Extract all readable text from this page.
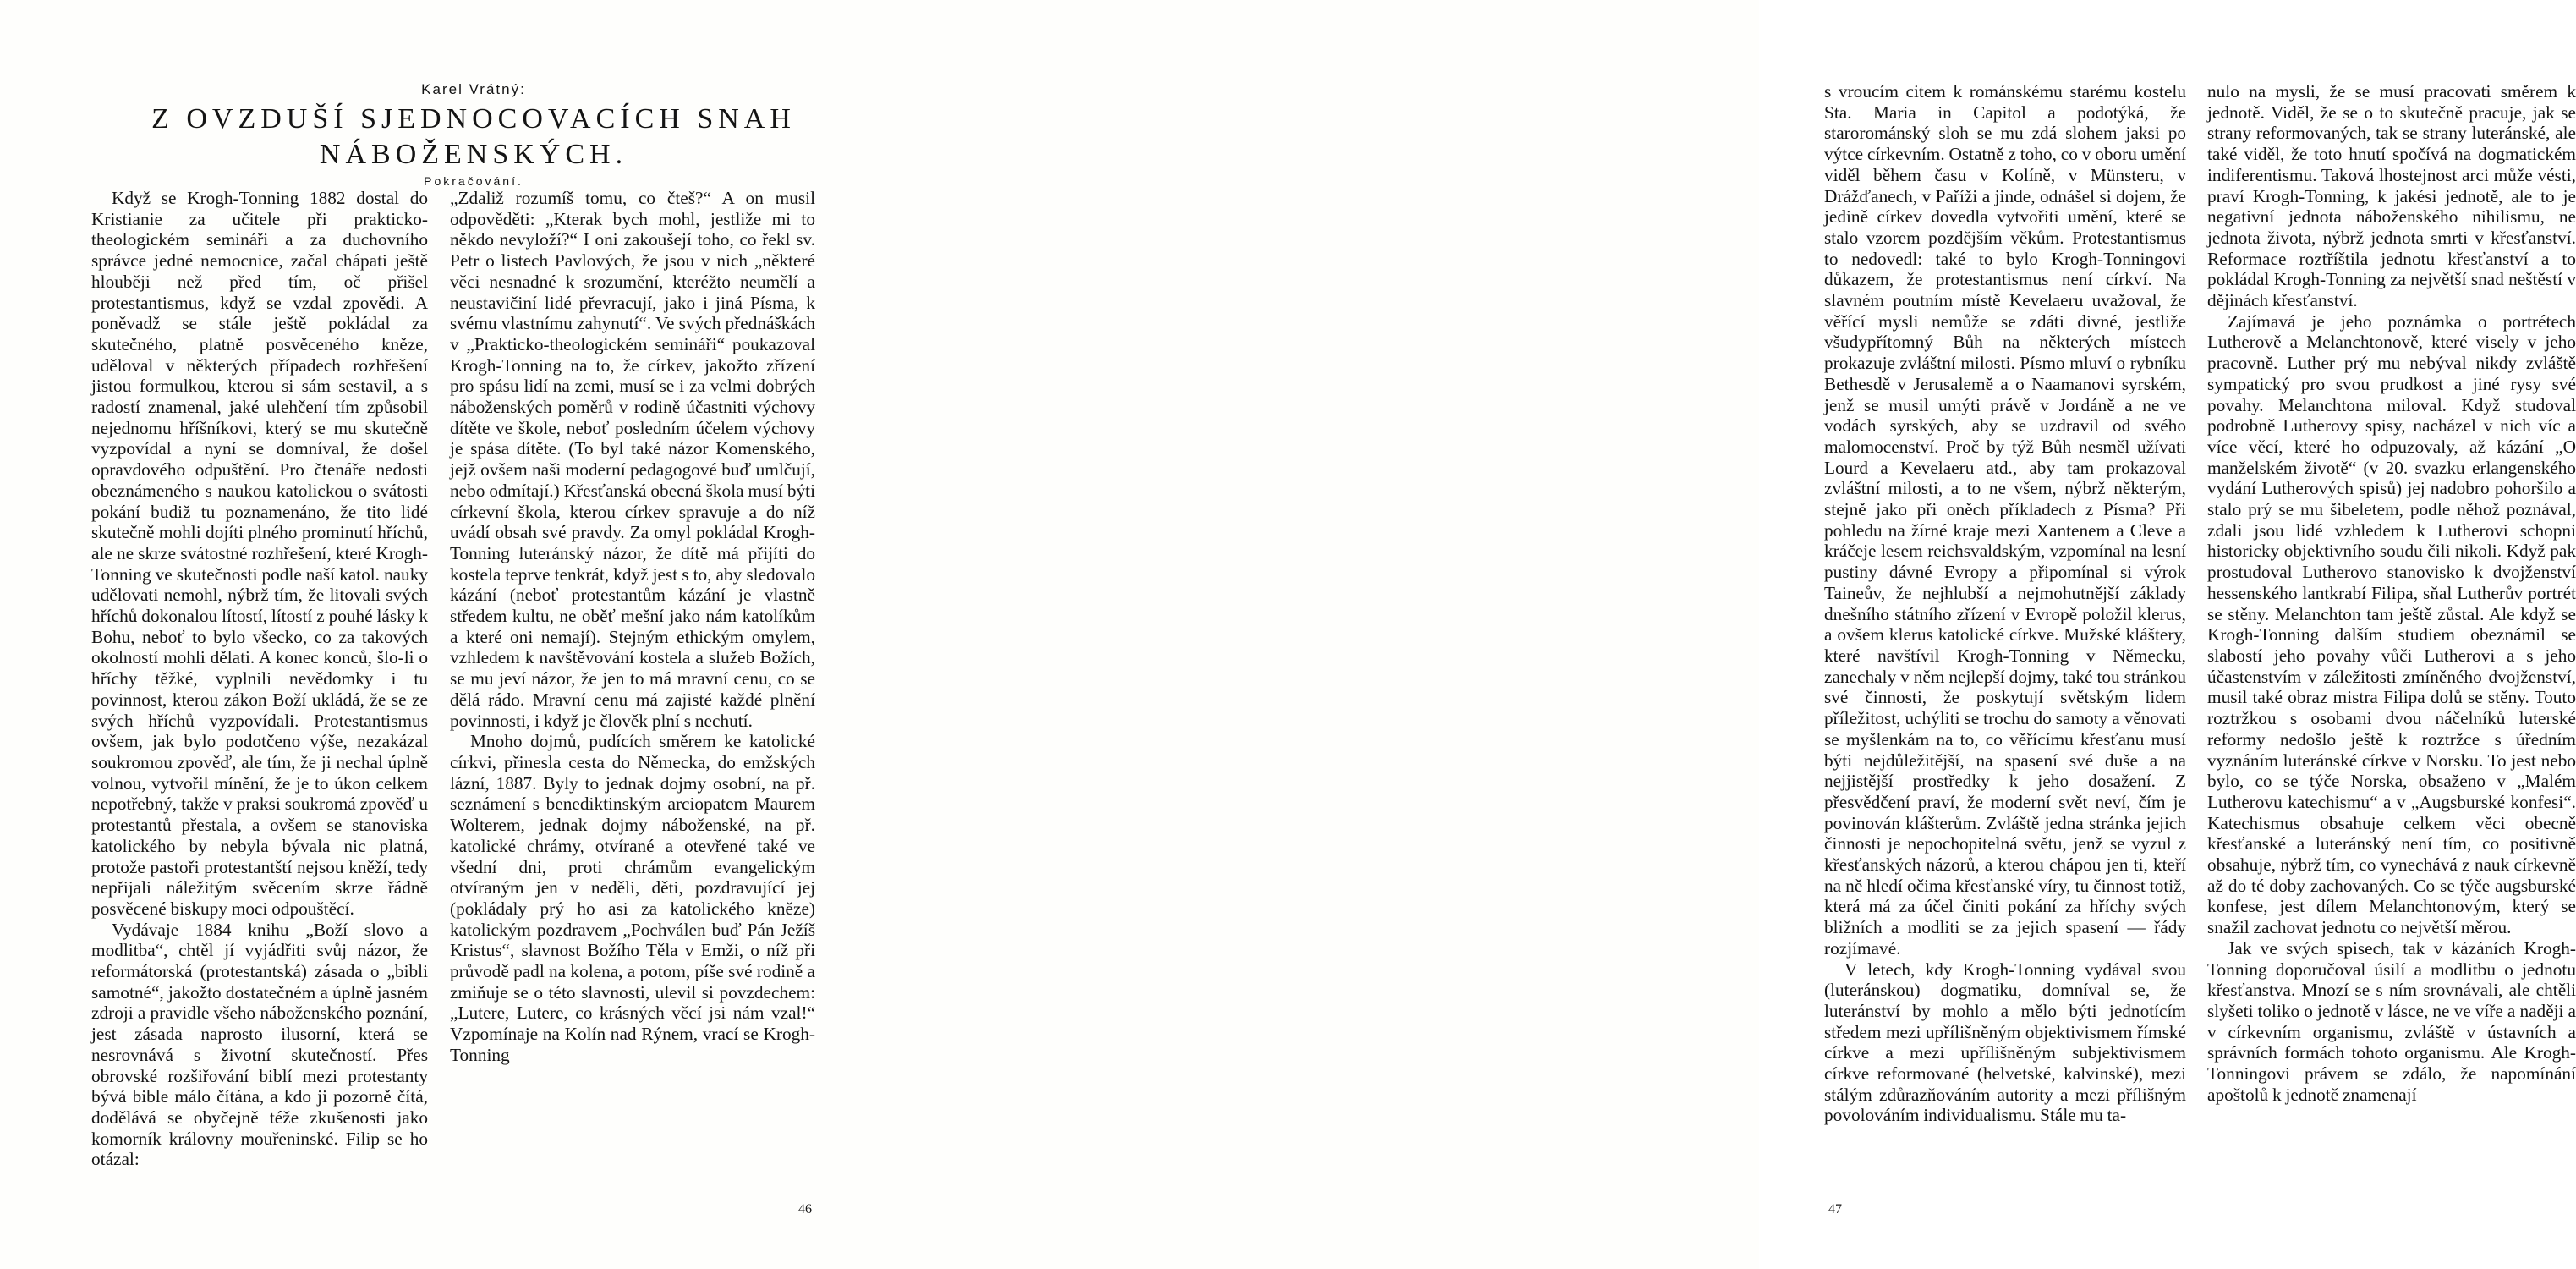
Karel Vrátný:
Z OVZDUŠÍ SJEDNOCOVACÍCH SNAH
NÁBOŽENSKÝCH.
Pokračování.

Když se Krogh-Tonning 1882 dostal do Kristianie za učitele při prakticko-theologickém semináři a za duchovního správce jedné nemocnice, začal chápati ještě hlouběji než před tím, oč přišel protestantismus, když se vzdal zpovědi. A poněvadž se stále ještě pokládal za skutečného, platně posvěceného kněze, uděloval v některých případech rozhřešení jistou formulkou, kterou si sám sestavil, a s radostí znamenal, jaké ulehčení tím způsobil nejednomu hříšníkovi, který se mu skutečně vyzpovídal a nyní se domníval, že došel opravdového odpuštění. Pro čtenáře nedosti obeznámeného s naukou katolickou o svátosti pokání budiž tu poznamenáno, že tito lidé skutečně mohli dojíti plného prominutí hříchů, ale ne skrze svátostné rozhřešení, které Krogh-Tonning ve skutečnosti podle naší katol. nauky udělovati nemohl, nýbrž tím, že litovali svých hříchů dokonalou lítostí, lítostí z pouhé lásky k Bohu, neboť to bylo všecko, co za takových okolností mohli dělati. A konec konců, šlo-li o hříchy těžké, vyplnili nevědomky i tu povinnost, kterou zákon Boží ukládá, že se ze svých hříchů vyzpovídali. Protestantismus ovšem, jak bylo podotčeno výše, nezakázal soukromou zpověď, ale tím, že ji nechal úplně volnou, vytvořil mínění, že je to úkon celkem nepotřebný, takže v praksi soukromá zpověď u protestantů přestala, a ovšem se stanoviska katolického by nebyla bývala nic platná, protože pastoři protestantští nejsou kněží, tedy nepřijali náležitým svěcením skrze řádně posvěcené biskupy moci odpouštěcí.

Vydávaje 1884 knihu „Boží slovo a modlitba“, chtěl jí vyjádřiti svůj názor, že reformátorská (protestantská) zásada o „bibli samotné“, jakožto dostatečném a úplně jasném zdroji a pravidle všeho náboženského poznání, jest zásada naprosto ilusorní, která se nesrovnává s životní skutečností. Přes obrovské rozšiřování biblí mezi protestanty bývá bible málo čítána, a kdo ji pozorně čítá, dodělává se obyčejně téže zkušenosti jako komorník královny mouřeninské. Filip se ho otázal:

„Zdaliž rozumíš tomu, co čteš?“ A on musil odpověděti: „Kterak bych mohl, jestliže mi to někdo nevyloží?“ I oni zakoušejí toho, co řekl sv. Petr o listech Pavlových, že jsou v nich „některé věci nesnadné k srozumění, kteréžto neumělí a neustavičiní lidé převracují, jako i jiná Písma, k svému vlastnímu zahynutí“. Ve svých přednáškách v „Prakticko-theologickém semináři“ poukazoval Krogh-Tonning na to, že církev, jakožto zřízení pro spásu lidí na zemi, musí se i za velmi dobrých náboženských poměrů v rodině účastniti výchovy dítěte ve škole, neboť posledním účelem výchovy je spása dítěte. (To byl také názor Komenského, jejž ovšem naši moderní pedagogové buď umlčují, nebo odmítají.) Křesťanská obecná škola musí býti církevní škola, kterou církev spravuje a do níž uvádí obsah své pravdy. Za omyl pokládal Krogh-Tonning luteránský názor, že dítě má přijíti do kostela teprve tenkrát, když jest s to, aby sledovalo kázání (neboť protestantům kázání je vlastně středem kultu, ne oběť mešní jako nám katolíkům a které oni nemají). Stejným ethickým omylem, vzhledem k navštěvování kostela a služeb Božích, se mu jeví názor, že jen to má mravní cenu, co se dělá rádo. Mravní cenu má zajisté každé plnění povinnosti, i když je člověk plní s nechutí.

Mnoho dojmů, pudících směrem ke katolické církvi, přinesla cesta do Německa, do emžských lázní, 1887. Byly to jednak dojmy osobní, na př. seznámení s benediktinským arciopatem Maurem Wolterem, jednak dojmy náboženské, na př. katolické chrámy, otvírané a otevřené také ve všední dni, proti chrámům evangelickým otvíraným jen v neděli, děti, pozdravující jej (pokládaly prý ho asi za katolického kněze) katolickým pozdravem „Pochválen buď Pán Ježíš Kristus“, slavnost Božího Těla v Emži, o níž při průvodě padl na kolena, a potom, píše své rodině a zmiňuje se o této slavnosti, ulevil si povzdechem: „Lutere, Lutere, co krásných věcí jsi nám vzal!“ Vzpomínaje na Kolín nad Rýnem, vrací se Krogh-Tonning

46

s vroucím citem k románskému starému kostelu Sta. Maria in Capitol a podotýká, že starorománský sloh se mu zdá slohem jaksi po výtce církevním. Ostatně z toho, co v oboru umění viděl během času v Kolíně, v Münsteru, v Drážďanech, v Paříži a jinde, odnášel si dojem, že jedině církev dovedla vytvořiti umění, které se stalo vzorem pozdějším věkům. Protestantismus to nedovedl: také to bylo Krogh-Tonningovi důkazem, že protestantismus není církví. Na slavném poutním místě Kevelaeru uvažoval, že věřící mysli nemůže se zdáti divné, jestliže všudypřítomný Bůh na některých místech prokazuje zvláštní milosti. Písmo mluví o rybníku Bethesdě v Jerusalemě a o Naamanovi syrském, jenž se musil umýti právě v Jordáně a ne ve vodách syrských, aby se uzdravil od svého malomocenství. Proč by týž Bůh nesměl užívati Lourd a Kevelaeru atd., aby tam prokazoval zvláštní milosti, a to ne všem, nýbrž některým, stejně jako při oněch příkladech z Písma? Při pohledu na žírné kraje mezi Xantenem a Cleve a kráčeje lesem reichsvaldským, vzpomínal na lesní pustiny dávné Evropy a připomínal si výrok Taineův, že nejhlubší a nejmohutnější základy dnešního státního zřízení v Evropě položil klerus, a ovšem klerus katolické církve. Mužské kláštery, které navštívil Krogh-Tonning v Německu, zanechaly v něm nejlepší dojmy, také tou stránkou své činnosti, že poskytují světským lidem příležitost, uchýliti se trochu do samoty a věnovati se myšlenkám na to, co věřícímu křesťanu musí býti nejdůležitější, na spasení své duše a na nejjistější prostředky k jeho dosažení. Z přesvědčení praví, že moderní svět neví, čím je povinován klášterům. Zvláště jedna stránka jejich činnosti je nepochopitelná světu, jenž se vyzul z křesťanských názorů, a kterou chápou jen ti, kteří na ně hledí očima křesťanské víry, tu činnost totiž, která má za účel činiti pokání za hříchy svých bližních a modliti se za jejich spasení — řády rozjímavé.

V letech, kdy Krogh-Tonning vydával svou (luteránskou) dogmatiku, domníval se, že luteránství by mohlo a mělo býti jednotícím středem mezi upřílišněným objektivismem římské církve a mezi upřílišněným subjektivismem církve reformované (helvetské, kalvinské), mezi stálým zdůrazňováním autority a mezi přílišným povolováním individualismu. Stále mu ta-

nulo na mysli, že se musí pracovati směrem k jednotě. Viděl, že se o to skutečně pracuje, jak se strany reformovaných, tak se strany luteránské, ale také viděl, že toto hnutí spočívá na dogmatickém indiferentismu. Taková lhostejnost arci může vésti, praví Krogh-Tonning, k jakési jednotě, ale to je negativní jednota náboženského nihilismu, ne jednota života, nýbrž jednota smrti v křesťanství. Reformace roztříštila jednotu křesťanství a to pokládal Krogh-Tonning za největší snad neštěstí v dějinách křesťanství.

Zajímavá je jeho poznámka o portrétech Lutherově a Melanchtonově, které visely v jeho pracovně. Luther prý mu nebýval nikdy zvláště sympatický pro svou prudkost a jiné rysy své povahy. Melanchtona miloval. Když studoval podrobně Lutherovy spisy, nacházel v nich víc a více věcí, které ho odpuzovaly, až kázání „O manželském životě“ (v 20. svazku erlangenského vydání Lutherových spisů) jej nadobro pohoršilo a stalo prý se mu šibeletem, podle něhož poznával, zdali jsou lidé vzhledem k Lutherovi schopni historicky objektivního soudu čili nikoli. Když pak prostudoval Lutherovo stanovisko k dvojženství hessenského lantkrabí Filipa, sňal Lutherův portrét se stěny. Melanchton tam ještě zůstal. Ale když se Krogh-Tonning dalším studiem obeznámil se slabostí jeho povahy vůči Lutherovi a s jeho účastenstvím v záležitosti zmíněného dvojženství, musil také obraz mistra Filipa dolů se stěny. Touto roztržkou s osobami dvou náčelníků luterské reformy nedošlo ještě k roztržce s úředním vyznáním luteránské církve v Norsku. To jest nebo bylo, co se týče Norska, obsaženo v „Malém Lutherovu katechismu“ a v „Augsburské konfesi“. Katechismus obsahuje celkem věci obecně křesťanské a luteránský není tím, co positivně obsahuje, nýbrž tím, co vynechává z nauk církevně až do té doby zachovaných. Co se týče augsburské konfese, jest dílem Melanchtonovým, který se snažil zachovat jednotu co největší měrou.

Jak ve svých spisech, tak v kázáních Krogh-Tonning doporučoval úsilí a modlitbu o jednotu křesťanstva. Mnozí se s ním srovnávali, ale chtěli slyšeti toliko o jednotě v lásce, ne ve víře a naději a v církevním organismu, zvláště v ústavních a správních formách tohoto organismu. Ale Krogh-Tonningovi právem se zdálo, že napomínání apoštolů k jednotě znamenají

47
